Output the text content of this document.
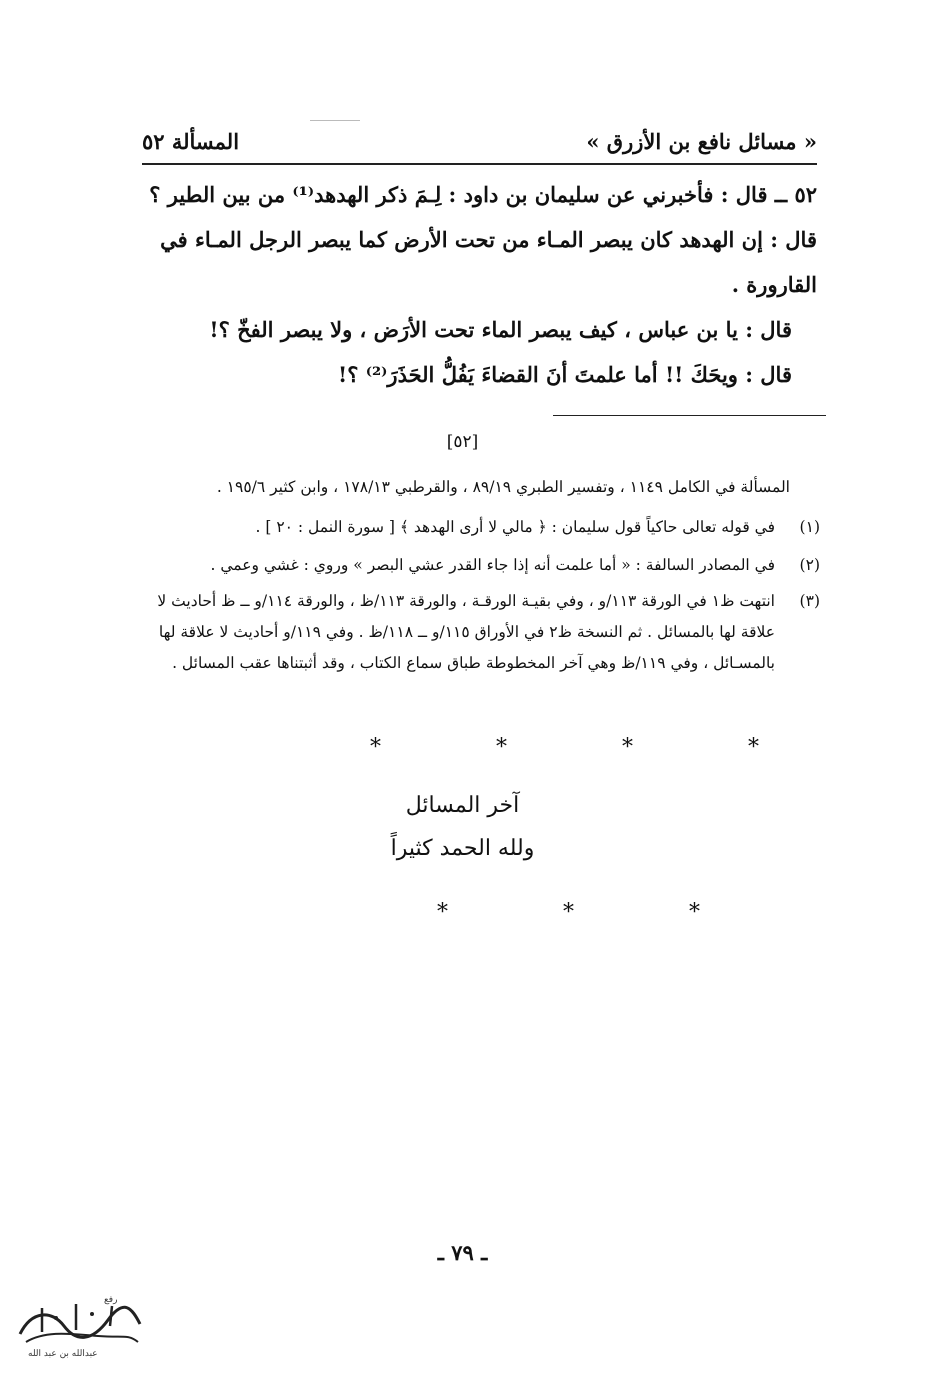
المسألة ٥٢	« مسائل نافع بن الأزرق »

٥٢ ــ قال : فأخبرني عن سليمان بن داود : لِـمَ ذكر الهدهد⁽¹⁾ من بين الطير ؟

قال : إن الهدهد كان يبصر المـاء من تحت الأرض كما يبصر الرجل المـاء في القارورة .

قال : يا بن عباس ، كيف يبصر الماء تحت الأرَض ، ولا يبصر الفخّ ؟!

قال : ويحَكَ !! أما علمتَ أنَ القضاءَ يَفُلُّ الحَذَرَ⁽²⁾ ؟!

[٥٢]
المسألة في الكامل ١١٤٩ ، وتفسير الطبري ٨٩/١٩ ، والقرطبي ١٧٨/١٣ ، وابن كثير ١٩٥/٦ .
(١)
في قوله تعالى حاكياً قول سليمان : ﴿ مالي لا أرى الهدهد ﴾ [ سورة النمل : ٢٠ ] .
(٢)
في المصادر السالفة : « أما علمت أنه إذا جاء القدر عشي البصر » وروي : غشي وعمي .
(٣)
انتهت ظ١ في الورقة ١١٣/و ، وفي بقيـة الورقـة ، والورقة ١١٣/ظ ، والورقة ١١٤/و ــ ظ أحاديث لا علاقة لها بالمسائل . ثم النسخة ظ٢ في الأوراق ١١٥/و ــ ١١٨/ظ . وفي ١١٩/و أحاديث لا علاقة لها بالمسـائل ، وفي ١١٩/ظ وهي آخر المخطوطة طباق سماع الكتاب ، وقد أثبتناها عقب المسائل .
* * * *
آخر المسائل
ولله الحمد كثيراً
* * *
ـ ٧٩ ـ
رفع
عبدالله بن عبد الله
